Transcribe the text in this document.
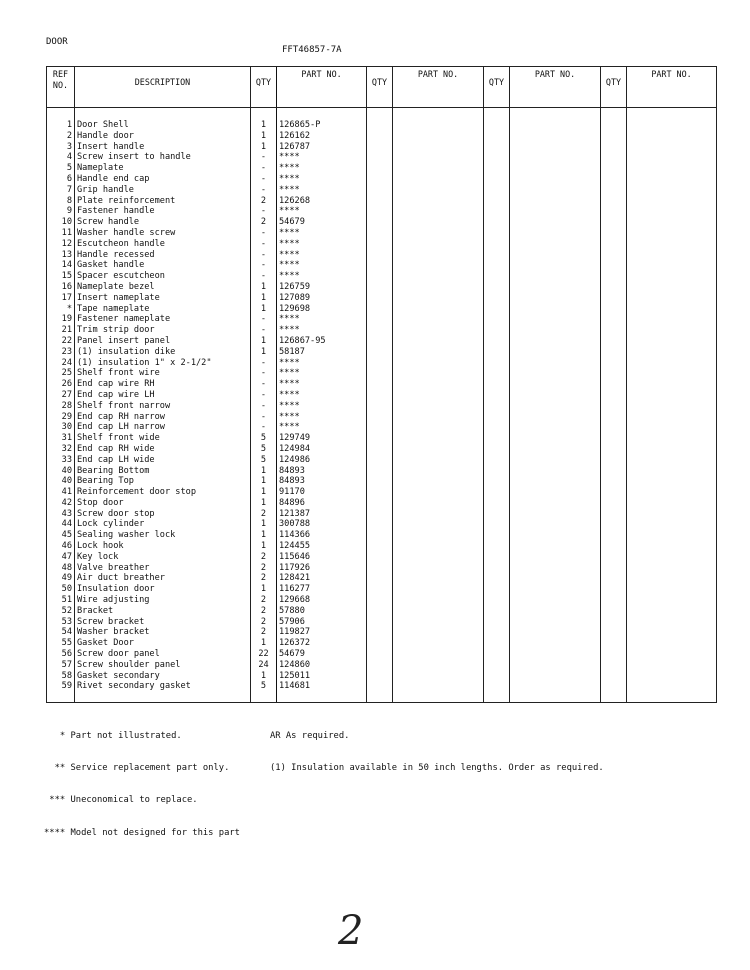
DOOR
FFT46857-7A
REF NO.	DESCRIPTION	QTY	PART NO.	QTY	PART NO.	QTY	PART NO.	QTY	PART NO.

1	Door Shell	1	126865-P						
2	Handle door	1	126162						
3	Insert handle	1	126787						
4	Screw insert to handle	-	****						
5	Nameplate	-	****						
6	Handle end cap	-	****						
7	Grip handle	-	****						
8	Plate reinforcement	2	126268						
9	Fastener handle	-	****						
10	Screw handle	2	54679						
11	Washer handle screw	-	****						
12	Escutcheon handle	-	****						
13	Handle recessed	-	****						
14	Gasket handle	-	****						
15	Spacer escutcheon	-	****						
16	Nameplate bezel	1	126759						
17	Insert nameplate	1	127089						
*	Tape nameplate	1	129698						
19	Fastener nameplate	-	****						
21	Trim strip door	-	****						
22	Panel insert panel	1	126867-95						
23	(1) insulation dike	1	58187						
24	(1) insulation 1" x 2-1/2"	-	****						
25	Shelf front wire	-	****						
26	End cap wire RH	-	****						
27	End cap wire LH	-	****						
28	Shelf front narrow	-	****						
29	End cap RH narrow	-	****						
30	End cap LH narrow	-	****						
31	Shelf front wide	5	129749						
32	End cap RH wide	5	124984						
33	End cap LH wide	5	124986						
40	Bearing Bottom	1	84893						
40	Bearing Top	1	84893						
41	Reinforcement door stop	1	91170						
42	Stop door	1	84896						
43	Screw door stop	2	121387						
44	Lock cylinder	1	300788						
45	Sealing washer lock	1	114366						
46	Lock hook	1	124455						
47	Key lock	2	115646						
48	Valve breather	2	117926						
49	Air duct breather	2	128421						
50	Insulation door	1	116277						
51	Wire adjusting	2	129668						
52	Bracket	2	57880						
53	Screw bracket	2	57906						
54	Washer bracket	2	119827						
55	Gasket Door	1	126372						
56	Screw door panel	22	54679						
57	Screw shoulder panel	24	124860						
58	Gasket secondary	1	125011						
59	Rivet secondary gasket	5	114681						

* Part not illustrated.

** Service replacement part only.

*** Uneconomical to replace.

**** Model not designed for this part

AR As required.

(1) Insulation available in 50 inch lengths. Order as required.

2
